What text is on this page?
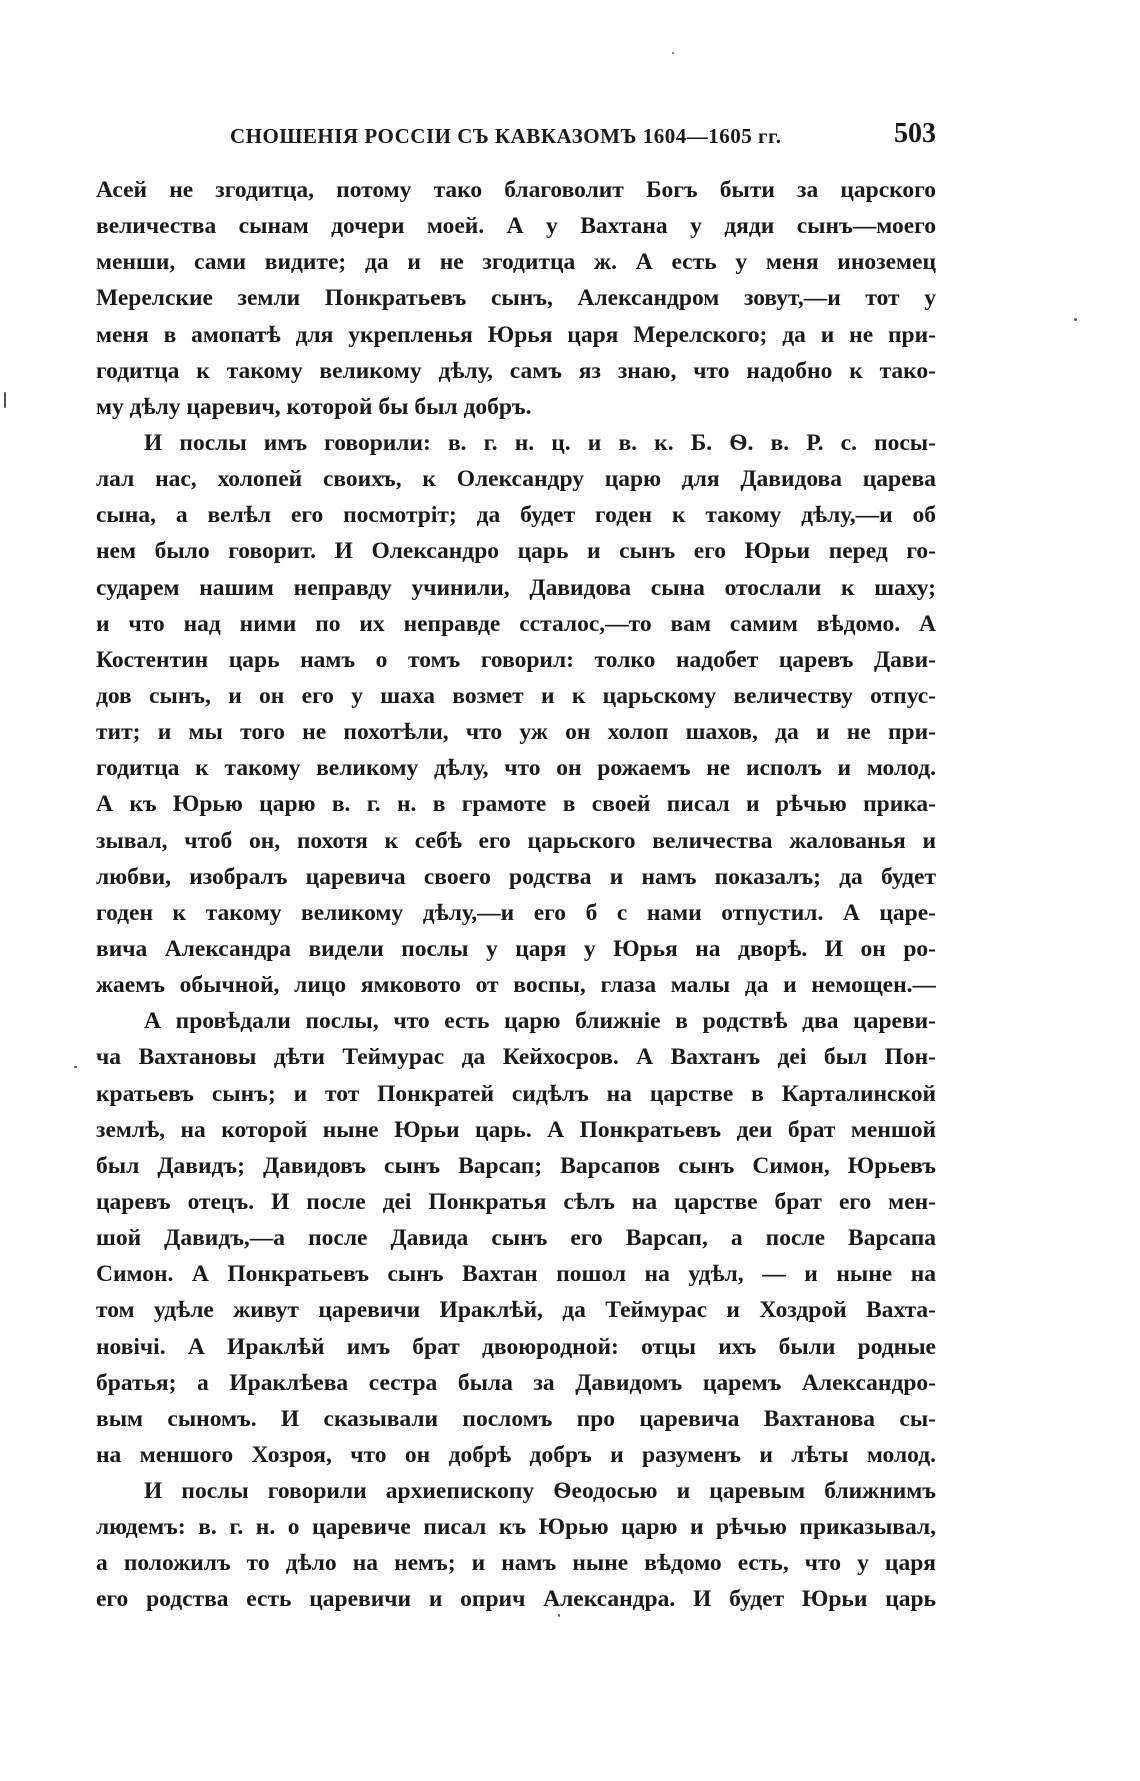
СНОШЕНIЯ РОССIИ СЪ КАВКАЗОМЪ 1604—1605 гг.	503
Асей не згодитца, потому тако благоволит Богъ быти за царского
величества сынам дочери моей. А у Вахтана у дяди сынъ—моего
менши, сами видите; да и не згодитца ж. А есть у меня иноземец
Мерелские земли Понкратьевъ сынъ, Александром зовут,—и тот у
меня в амопатѣ для укрепленья Юрья царя Мерелского; да и не при-
годитца к такому великому дѣлу, самъ яз знаю, что надобно к тако-
му дѣлу царевич, которой бы был добръ.
И послы имъ говорили: в. г. н. ц. и в. к. Б. Ѳ. в. Р. с. посы-
лал нас, холопей своихъ, к Олександру царю для Давидова царева
сына, а велѣл его посмотрiт; да будет годен к такому дѣлу,—и об
нем было говорит. И Олександро царь и сынъ его Юрьи перед го-
сударем нашим неправду учинили, Давидова сына отослали к шаху;
и что над ними по их неправде ссталос,—то вам самим вѣдомо. А
Костентин царь намъ о томъ говорил: толко надобет царевъ Дави-
дов сынъ, и он его у шаха возмет и к царьскому величеству отпус-
тит; и мы того не похотѣли, что уж он холоп шахов, да и не при-
годитца к такому великому дѣлу, что он рожаемъ не исполъ и молод.
А къ Юрью царю в. г. н. в грамоте в своей писал и рѣчью прика-
зывал, чтоб он, похотя к себѣ его царьского величества жалованья и
любви, изобралъ царевича своего родства и намъ показалъ; да будет
годен к такому великому дѣлу,—и его б с нами отпустил. А царе-
вича Александра видели послы у царя у Юрья на дворѣ. И он ро-
жаемъ обычной, лицо ямковото от воспы, глаза малы да и немощен.—
А провѣдали послы, что есть царю ближнiе в родствѣ два цареви-
ча Вахтановы дѣти Теймурас да Кейхосров. А Вахтанъ деi был Пон-
кратьевъ сынъ; и тот Понкратей сидѣлъ на царстве в Карталинской
землѣ, на которой ныне Юрьи царь. А Понкратьевъ деи брат меншой
был Давидъ; Давидовъ сынъ Варсап; Варсапов сынъ Симон, Юрьевъ
царевъ отецъ. И после деi Понкратья сѣлъ на царстве брат его мен-
шой Давидъ,—а после Давида сынъ его Варсап, а после Варсапа
Симон. А Понкратьевъ сынъ Вахтан пошол на удѣл, — и ныне на
том удѣле живут царевичи Ираклѣй, да Теймурас и Хоздрой Вахта-
новiчi. А Ираклѣй имъ брат двоюродной: отцы ихъ были родные
братья; а Ираклѣева сестра была за Давидомъ царемъ Александро-
вым сыномъ. И сказывали посломъ про царевича Вахтанова сы-
на меншого Хозроя, что он добрѣ добръ и разуменъ и лѣты молод.
И послы говорили архиепископу Ѳеодосью и царевым ближнимъ
людемъ: в. г. н. о царевиче писал къ Юрью царю и рѣчью приказывал,
а положилъ то дѣло на немъ; и намъ ныне вѣдомо есть, что у царя
его родства есть царевичи и оприч Александра. И будет Юрьи царь
